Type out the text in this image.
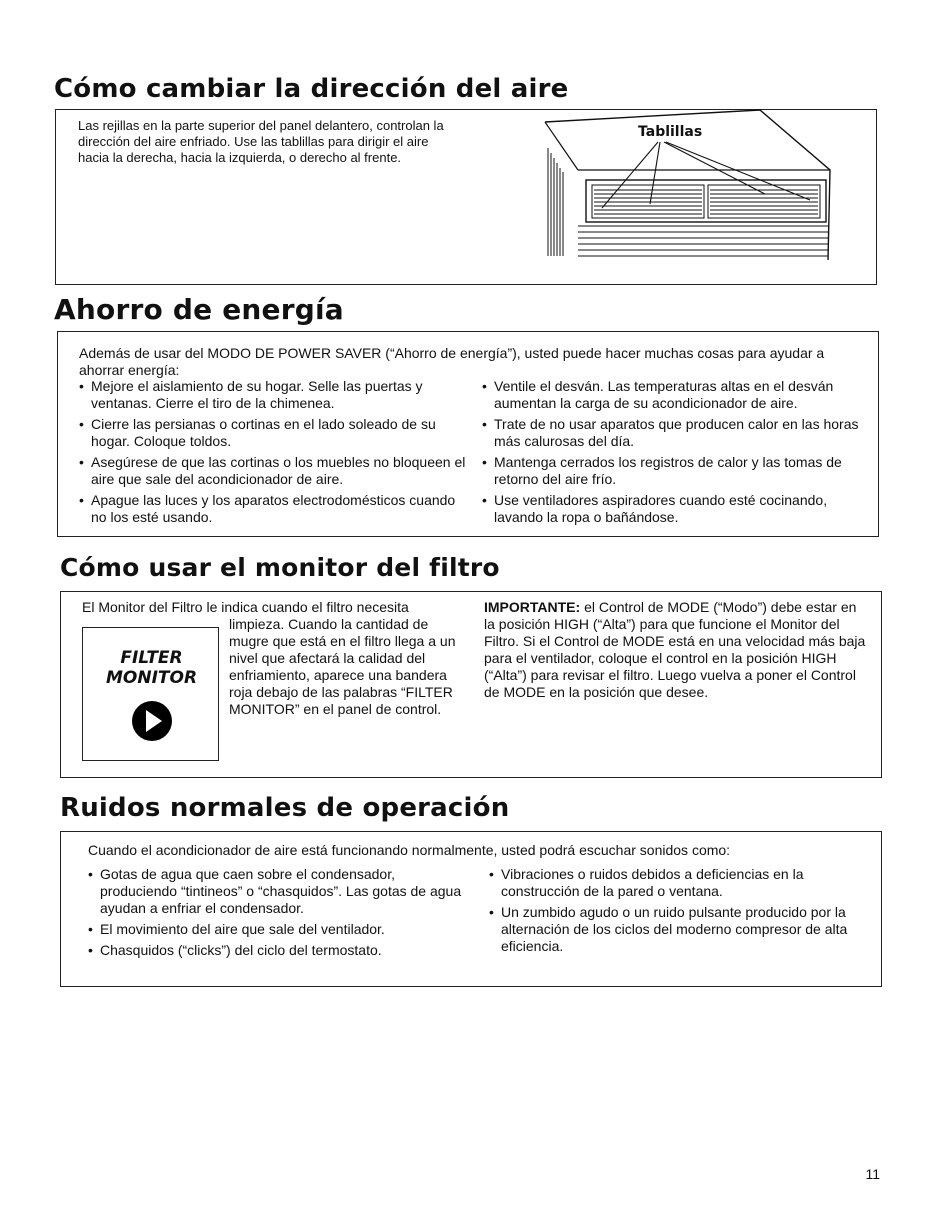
Cómo cambiar la dirección del aire

Las rejillas en la parte superior del panel delantero, controlan la dirección del aire enfriado. Use las tablillas para dirigir el aire hacia la derecha, hacia la izquierda, o derecho al frente.

Tablillas
Ahorro de energía

Además de usar del MODO DE POWER SAVER (“Ahorro de energía”), usted puede hacer muchas cosas para ayudar a ahorrar energía:

• Mejore el aislamiento de su hogar. Selle las puertas y ventanas. Cierre el tiro de la chimenea.
• Cierre las persianas o cortinas en el lado soleado de su hogar. Coloque toldos.
• Asegúrese de que las cortinas o los muebles no bloqueen el aire que sale del acondicionador de aire.
• Apague las luces y los aparatos electrodomésticos cuando no los esté usando.
• Ventile el desván. Las temperaturas altas en el desván aumentan la carga de su acondicionador de aire.
• Trate de no usar aparatos que producen calor en las horas más calurosas del día.
• Mantenga cerrados los registros de calor y las tomas de retorno del aire frío.
• Use ventiladores aspiradores cuando esté cocinando, lavando la ropa o bañándose.
Cómo usar el monitor del filtro

El Monitor del Filtro le indica cuando el filtro necesita

FILTER
MONITOR

limpieza. Cuando la cantidad de mugre que está en el filtro llega a un nivel que afectará la calidad del enfriamiento, aparece una bandera roja debajo de las palabras “FILTER MONITOR” en el panel de control.

IMPORTANTE: el Control de MODE (“Modo”) debe estar en la posición HIGH (“Alta”) para que funcione el Monitor del Filtro. Si el Control de MODE está en una velocidad más baja para el ventilador, coloque el control en la posición HIGH (“Alta”) para revisar el filtro. Luego vuelva a poner el Control de MODE en la posición que desee.

Ruidos normales de operación

Cuando el acondicionador de aire está funcionando normalmente, usted podrá escuchar sonidos como:

• Gotas de agua que caen sobre el condensador, produciendo “tintineos” o “chasquidos”. Las gotas de agua ayudan a enfriar el condensador.
• El movimiento del aire que sale del ventilador.
• Chasquidos (“clicks”) del ciclo del termostato.
• Vibraciones o ruidos debidos a deficiencias en la construcción de la pared o ventana.
• Un zumbido agudo o un ruido pulsante producido por la alternación de los ciclos del moderno compresor de alta eficiencia.
11
